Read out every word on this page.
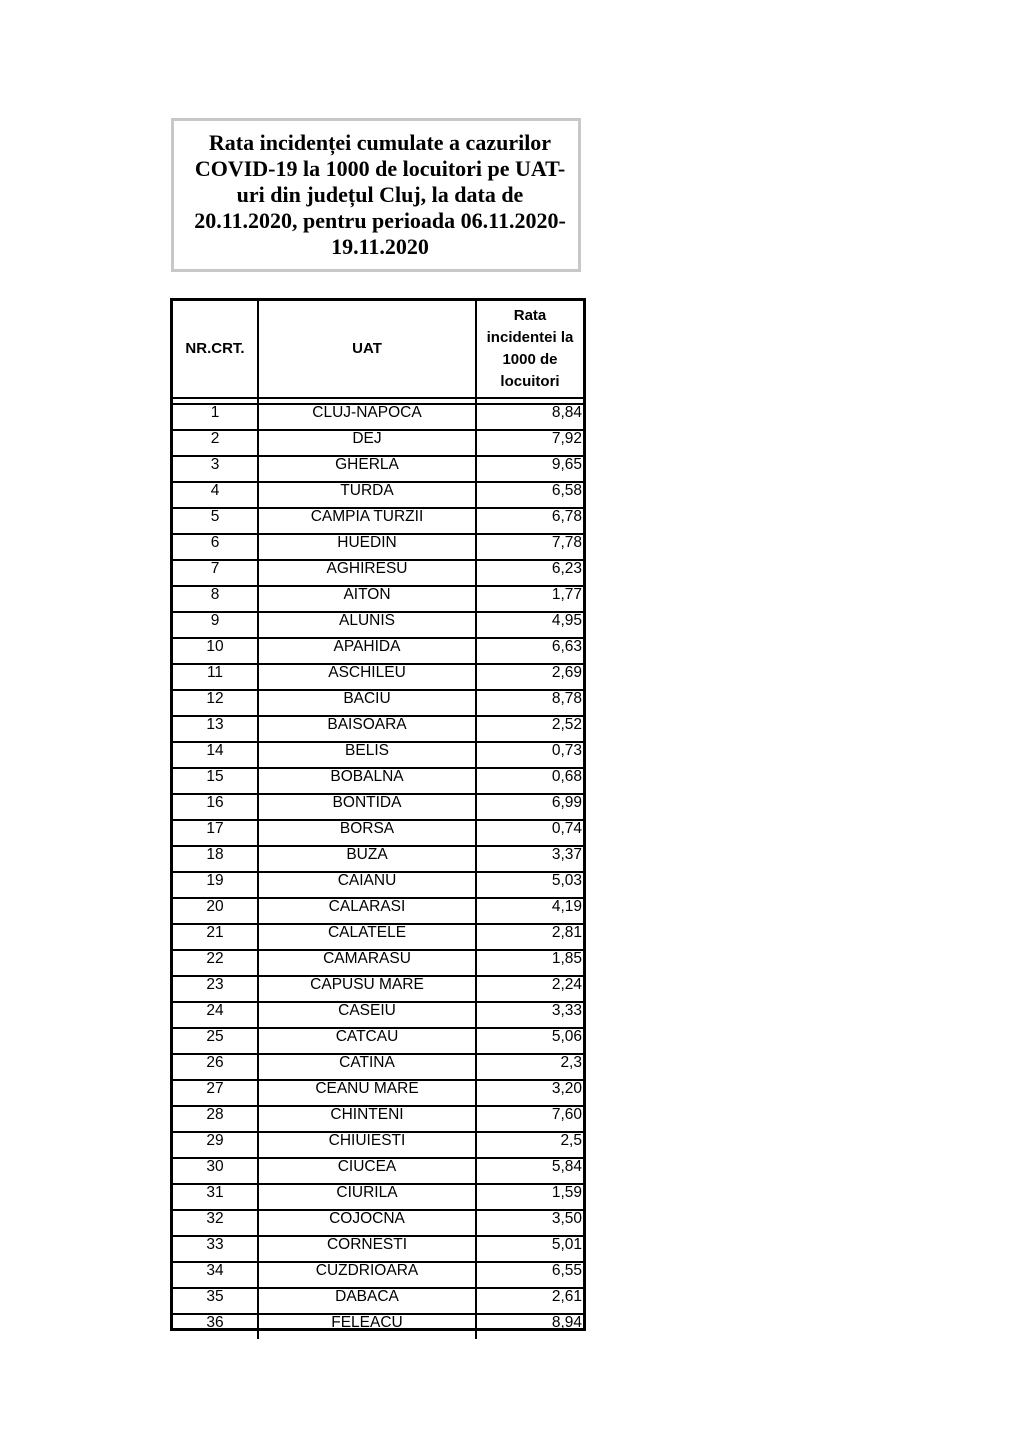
Rata incidenței cumulate a cazurilor
COVID-19 la 1000 de locuitori pe UAT-
uri din județul Cluj, la data de
20.11.2020, pentru perioada 06.11.2020-
19.11.2020
NR.CRT.	UAT	Rata incidentei la 1000 de locuitori

1	CLUJ-NAPOCA	8,84
2	DEJ	7,92
3	GHERLA	9,65
4	TURDA	6,58
5	CAMPIA TURZII	6,78
6	HUEDIN	7,78
7	AGHIRESU	6,23
8	AITON	1,77
9	ALUNIS	4,95
10	APAHIDA	6,63
11	ASCHILEU	2,69
12	BACIU	8,78
13	BAISOARA	2,52
14	BELIS	0,73
15	BOBALNA	0,68
16	BONTIDA	6,99
17	BORSA	0,74
18	BUZA	3,37
19	CAIANU	5,03
20	CALARASI	4,19
21	CALATELE	2,81
22	CAMARASU	1,85
23	CAPUSU MARE	2,24
24	CASEIU	3,33
25	CATCAU	5,06
26	CATINA	2,3
27	CEANU MARE	3,20
28	CHINTENI	7,60
29	CHIUIESTI	2,5
30	CIUCEA	5,84
31	CIURILA	1,59
32	COJOCNA	3,50
33	CORNESTI	5,01
34	CUZDRIOARA	6,55
35	DABACA	2,61
36	FELEACU	8,94
